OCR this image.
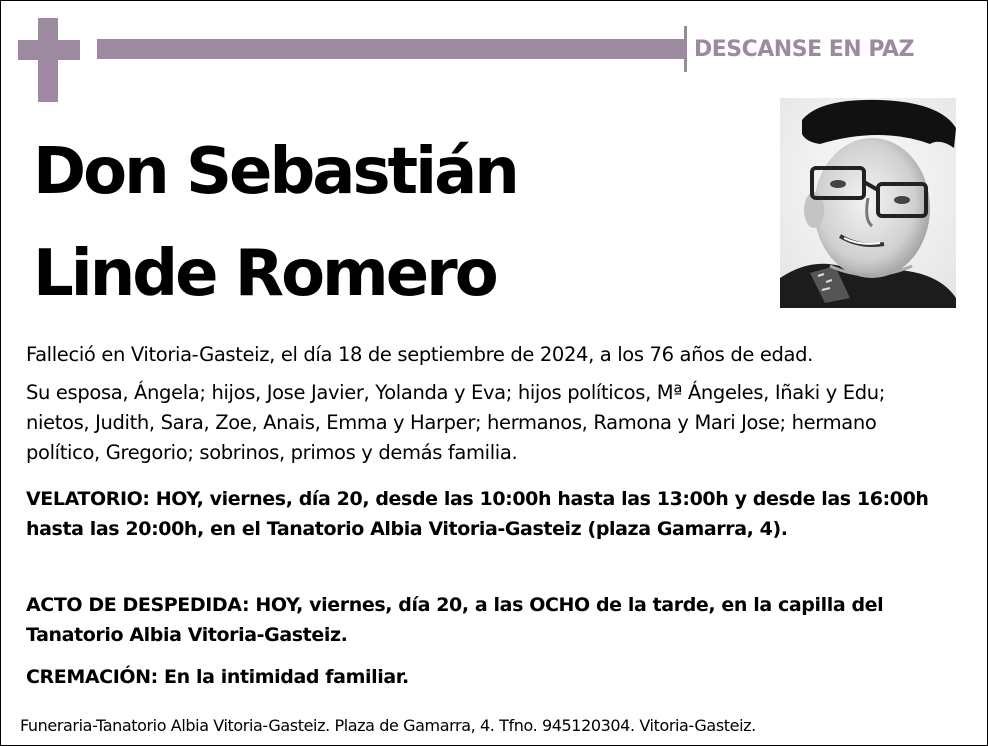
DESCANSE EN PAZ
Don Sebastián
Linde Romero
Falleció en Vitoria-Gasteiz, el día 18 de septiembre de 2024, a los 76 años de edad.
Su esposa, Ángela; hijos, Jose Javier, Yolanda y Eva; hijos políticos, Mª Ángeles, Iñaki y Edu; nietos, Judith, Sara, Zoe, Anais, Emma y Harper; hermanos, Ramona y Mari Jose; hermano político, Gregorio; sobrinos, primos y demás familia.
VELATORIO: HOY, viernes, día 20, desde las 10:00h hasta las 13:00h y desde las 16:00h hasta las 20:00h, en el Tanatorio Albia Vitoria-Gasteiz (plaza Gamarra, 4).
ACTO DE DESPEDIDA: HOY, viernes, día 20, a las OCHO de la tarde, en la capilla del Tanatorio Albia Vitoria-Gasteiz.
CREMACIÓN: En la intimidad familiar.
Funeraria-Tanatorio Albia Vitoria-Gasteiz. Plaza de Gamarra, 4. Tfno. 945120304. Vitoria-Gasteiz.
